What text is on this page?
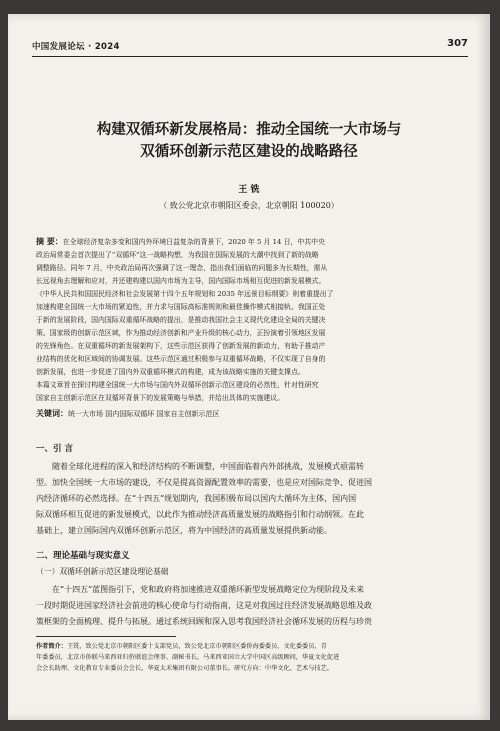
中国发展论坛 · 2024	307
构建双循环新发展格局：推动全国统一大市场与
双循环创新示范区建设的战略路径
王 铣
（ 致公党北京市朝阳区委会，北京朝阳 100020）
摘 要：在全球经济复杂多变和国内外环境日益复杂的背景下，2020 年 5 月 14 日，中共中央
政治局常委会首次提出了“双循环”这一战略构想，为我国在国际发展的大潮中找到了新的战略
调整路径。同年 7 月，中央政治局再次强调了这一理念，指出我们面临的问题多为长期性，需从
长远视角去理解和应对，并还建构建以国内市场为主导，国内国际市场相互促进的新发展模式。
《中华人民共和国国民经济和社会发展第十四个五年规划和 2035 年远景目标纲要》则着重提出了
加速构建全国统一大市场的紧迫性，并力求与国际高标准规则和最佳操作模式相接轨。我国正处
于新的发展阶段，国内国际双重循环战略的提出，是推动我国社会主义现代化建设全局的关键决
策。国家级的创新示范区域，作为推动经济创新和产业升级的核心动力，正扮演着引领地区发展
的先锋角色。在双重循环的新发展架构下，这些示范区获得了创新发展的新动力，有助于推动产
业结构的优化和区域间的协调发展。这些示范区通过积极参与双重循环战略，不仅实现了自身的
创新发展，也进一步促进了国内外双重循环模式的构建，成为该战略实施的关键支撑点。
本篇文章旨在探讨构建全国统一大市场与国内外双循环创新示范区建设的必然性，针对性研究
国家自主创新示范区在双循环背景下的发展策略与举措，并给出具体的实施建议。
关键词：统一大市场 国内国际双循环 国家自主创新示范区
一、引 言
随着全球化进程的深入和经济结构的不断调整，中国面临着内外部挑战，发展模式亟需转
型。加快全国统一大市场的建设，不仅是提高资源配置效率的需要，也是应对国际竞争、促进国
内经济循环的必然选择。在“十四五”规划期内，我国积极布局以国内大循环为主体，国内国
际双循环相互促进的新发展模式，以此作为推动经济高质量发展的战略指引和行动纲领。在此
基础上，建立国际国内双循环创新示范区，将为中国经济的高质量发展提供新动能。
二、理论基础与现实意义
（一）双循环创新示范区建设理论基础
在“十四五”蓝图指引下，党和政府将加速推进双重循环新型发展战略定位为现阶段及未来
一段时期促进国家经济社会前进的核心使命与行动指南，这是对我国过往经济发展战略思维及政
策框架的全面梳理、提升与拓展。通过系统回顾和深入思考我国经济社会循环发展的历程与珍贵
作者简介：王铣，致公党北京市朝阳区委十支部党员，致公党北京市朝阳区委侨海委委员、文化委委员、青
年委委员，北京市侨联马来西亚归侨联谊会理事、副秘书长，马来西亚国立大学中国区高级顾问，华夏文化促进
会会长助理、文化教育专业委员会会长，华夏太禾集团有限公司董事长。研究方向：中华文化、艺术与技艺。
